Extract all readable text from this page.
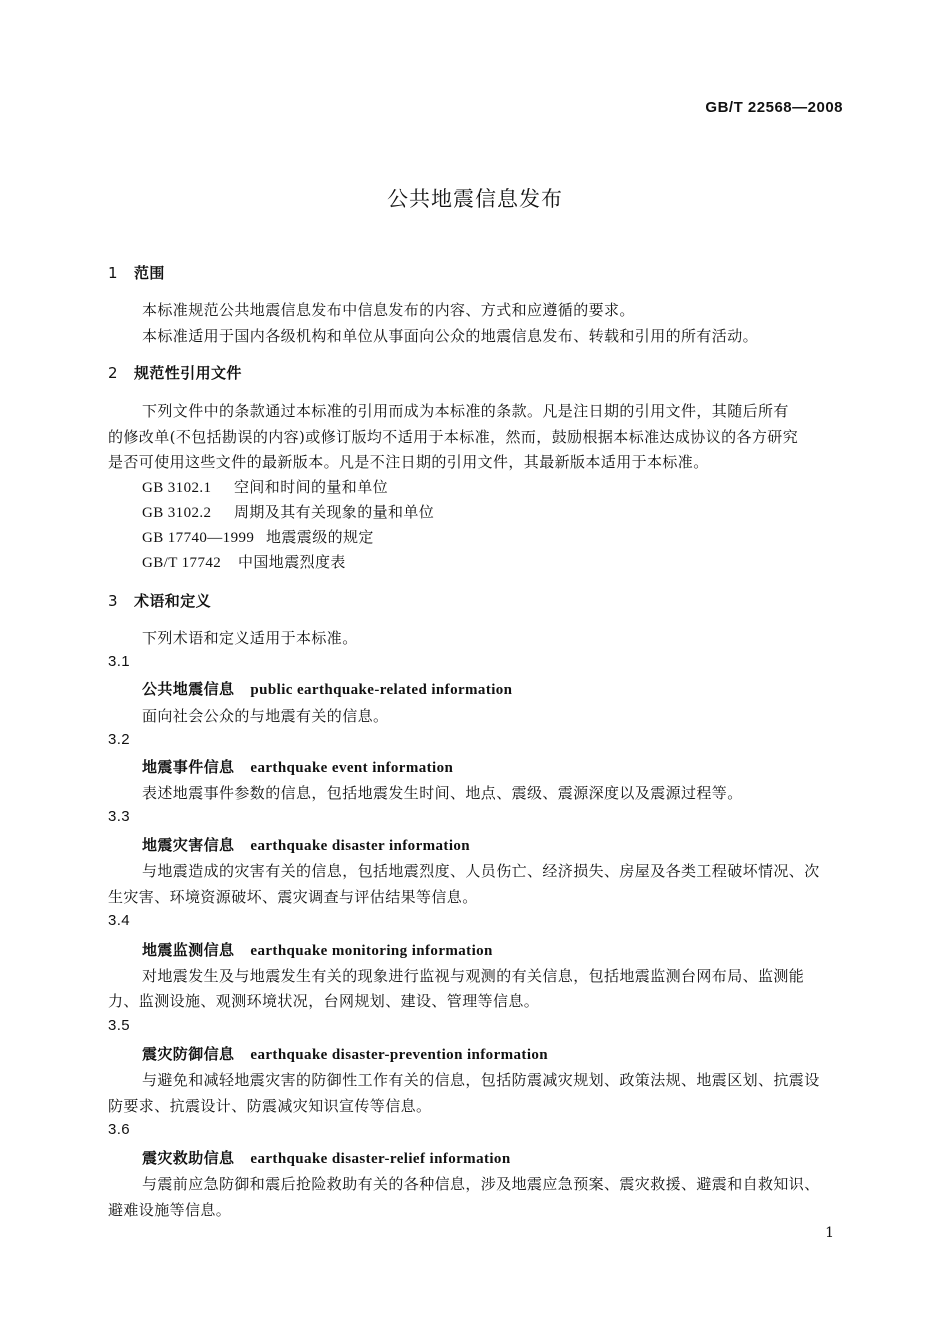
GB/T 22568—2008
公共地震信息发布
1 范围
本标准规范公共地震信息发布中信息发布的内容、方式和应遵循的要求。
本标准适用于国内各级机构和单位从事面向公众的地震信息发布、转载和引用的所有活动。
2 规范性引用文件
下列文件中的条款通过本标准的引用而成为本标准的条款。凡是注日期的引用文件，其随后所有
的修改单(不包括勘误的内容)或修订版均不适用于本标准，然而，鼓励根据本标准达成协议的各方研究
是否可使用这些文件的最新版本。凡是不注日期的引用文件，其最新版本适用于本标准。
GB 3102.1 空间和时间的量和单位
GB 3102.2 周期及其有关现象的量和单位
GB 17740—1999 地震震级的规定
GB/T 17742 中国地震烈度表
3 术语和定义
下列术语和定义适用于本标准。
3.1
公共地震信息 public earthquake-related information
面向社会公众的与地震有关的信息。
3.2
地震事件信息 earthquake event information
表述地震事件参数的信息，包括地震发生时间、地点、震级、震源深度以及震源过程等。
3.3
地震灾害信息 earthquake disaster information
与地震造成的灾害有关的信息，包括地震烈度、人员伤亡、经济损失、房屋及各类工程破坏情况、次
生灾害、环境资源破坏、震灾调查与评估结果等信息。
3.4
地震监测信息 earthquake monitoring information
对地震发生及与地震发生有关的现象进行监视与观测的有关信息，包括地震监测台网布局、监测能
力、监测设施、观测环境状况，台网规划、建设、管理等信息。
3.5
震灾防御信息 earthquake disaster-prevention information
与避免和减轻地震灾害的防御性工作有关的信息，包括防震减灾规划、政策法规、地震区划、抗震设
防要求、抗震设计、防震减灾知识宣传等信息。
3.6
震灾救助信息 earthquake disaster-relief information
与震前应急防御和震后抢险救助有关的各种信息，涉及地震应急预案、震灾救援、避震和自救知识、
避难设施等信息。
1
